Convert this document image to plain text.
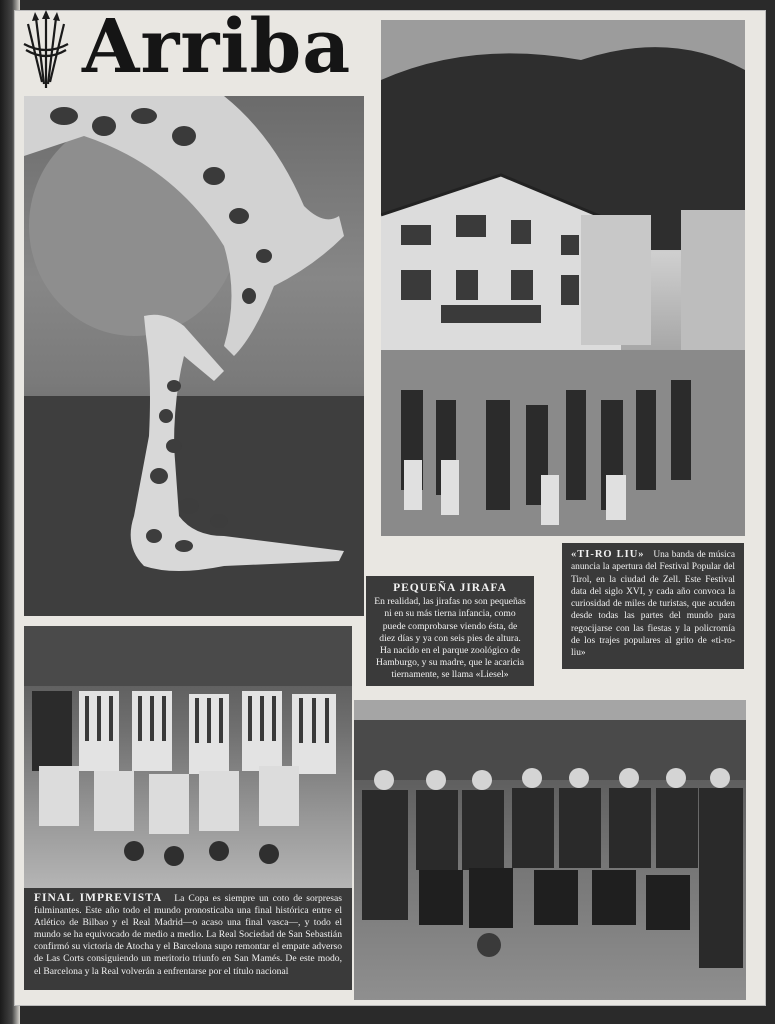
Arriba
PEQUEÑA JIRAFA
En realidad, las jirafas no son pequeñas ni en su más tierna infancia, como puede comprobarse viendo ésta, de diez días y ya con seis pies de altura. Ha nacido en el parque zoológico de Hamburgo, y su madre, que le acaricia tiernamente, se llama «Liesel»
«TI-RO LIU» Una banda de música anuncia la apertura del Festival Popular del Tirol, en la ciudad de Zell. Este Festival data del siglo XVI, y cada año convoca la curiosidad de miles de turistas, que acuden desde todas las partes del mundo para regocijarse con las fiestas y la policromía de los trajes populares al grito de «ti-ro-liu»
FINAL IMPREVISTA La Copa es siempre un coto de sorpresas fulminantes. Este año todo el mundo pronosticaba una final histórica entre el Atlético de Bilbao y el Real Madrid—o acaso una final vasca—, y todo el mundo se ha equivocado de medio a medio. La Real Sociedad de San Sebastián confirmó su victoria de Atocha y el Barcelona supo remontar el empate adverso de Las Corts consiguiendo un meritorio triunfo en San Mamés. De este modo, el Barcelona y la Real volverán a enfrentarse por el título nacional
